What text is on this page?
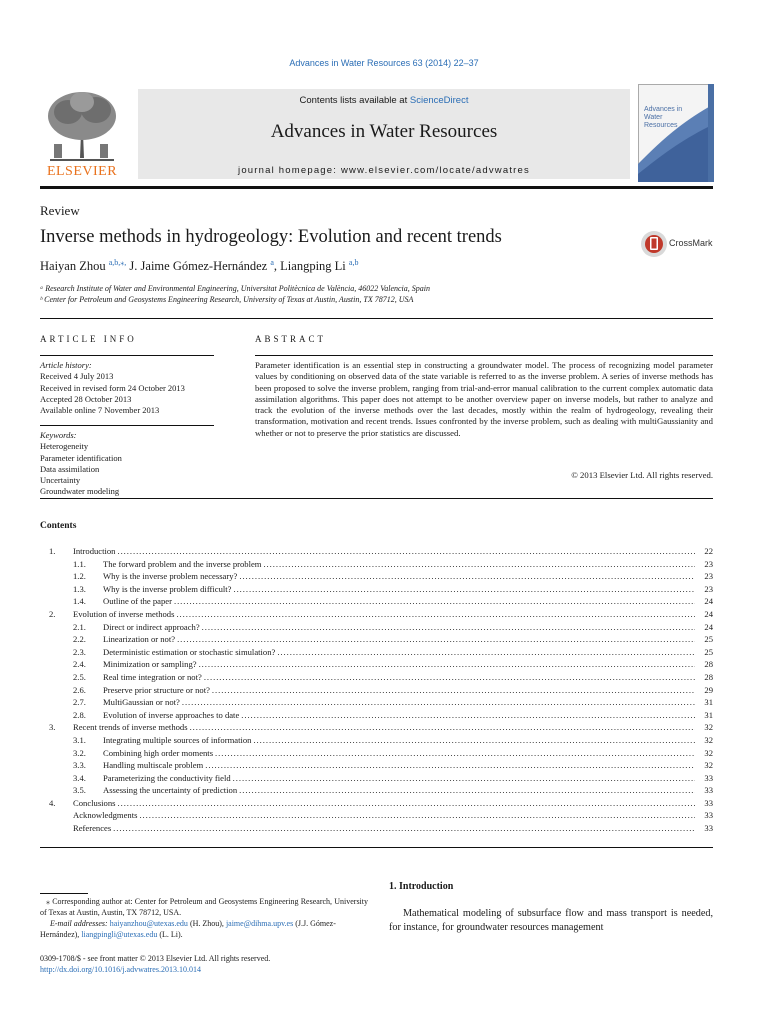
Advances in Water Resources 63 (2014) 22–37
ELSEVIER
Contents lists available at ScienceDirect
Advances in Water Resources
journal homepage: www.elsevier.com/locate/advwatres
Advances in Water Resources
Review
Inverse methods in hydrogeology: Evolution and recent trends	CrossMark
Haiyan Zhou $^{a,b,⁎,}$ J. Jaime Gómez-Hernández $^a$, Liangping Li $^{a,b}$
ᵃ Research Institute of Water and Environmental Engineering, Universitat Politècnica de València, 46022 Valencia, Spain
ᵇ Center for Petroleum and Geosystems Engineering Research, University of Texas at Austin, Austin, TX 78712, USA
ARTICLE INFO	ABSTRACT
Article history:
Received 4 July 2013
Received in revised form 24 October 2013
Accepted 28 October 2013
Available online 7 November 2013
Keywords:
Heterogeneity
Parameter identification
Data assimilation
Uncertainty
Groundwater modeling
Parameter identification is an essential step in constructing a groundwater model. The process of recognizing model parameter values by conditioning on observed data of the state variable is referred to as the inverse problem. A series of inverse methods has been proposed to solve the inverse problem, ranging from trial-and-error manual calibration to the current complex automatic data assimilation algorithms. This paper does not attempt to be another overview paper on inverse models, but rather to analyze and track the evolution of the inverse methods over the last decades, mostly within the realm of hydrogeology, revealing their transformation, motivation and recent trends. Issues confronted by the inverse problem, such as dealing with multiGaussianity and whether or not to preserve the prior statistics are discussed.
© 2013 Elsevier Ltd. All rights reserved.
Contents
1. Introduction . . .	22
1.1. The forward problem and the inverse problem . . .	23
1.2. Why is the inverse problem necessary? . . .	23
1.3. Why is the inverse problem difficult? . . .	23
1.4. Outline of the paper . . .	24
2. Evolution of inverse methods . . .	24
2.1. Direct or indirect approach? . . .	24
2.2. Linearization or not? . . .	25
2.3. Deterministic estimation or stochastic simulation? . . .	25
2.4. Minimization or sampling? . . .	28
2.5. Real time integration or not? . . .	28
2.6. Preserve prior structure or not? . . .	29
2.7. MultiGaussian or not? . . .	31
2.8. Evolution of inverse approaches to date . . .	31
3. Recent trends of inverse methods . . .	32
3.1. Integrating multiple sources of information . . .	32
3.2. Combining high order moments . . .	32
3.3. Handling multiscale problem . . .	32
3.4. Parameterizing the conductivity field . . .	33
3.5. Assessing the uncertainty of prediction . . .	33
4. Conclusions . . .	33
Acknowledgments . . .	33
References . . .	33
⁎ Corresponding author at: Center for Petroleum and Geosystems Engineering Research, University of Texas at Austin, Austin, TX 78712, USA.
E-mail addresses: haiyanzhou@utexas.edu (H. Zhou), jaime@dihma.upv.es (J.J. Gómez-Hernández), liangpingli@utexas.edu (L. Li).
0309-1708/$ - see front matter © 2013 Elsevier Ltd. All rights reserved.
http://dx.doi.org/10.1016/j.advwatres.2013.10.014
1. Introduction
Mathematical modeling of subsurface flow and mass transport is needed, for instance, for groundwater resources management
